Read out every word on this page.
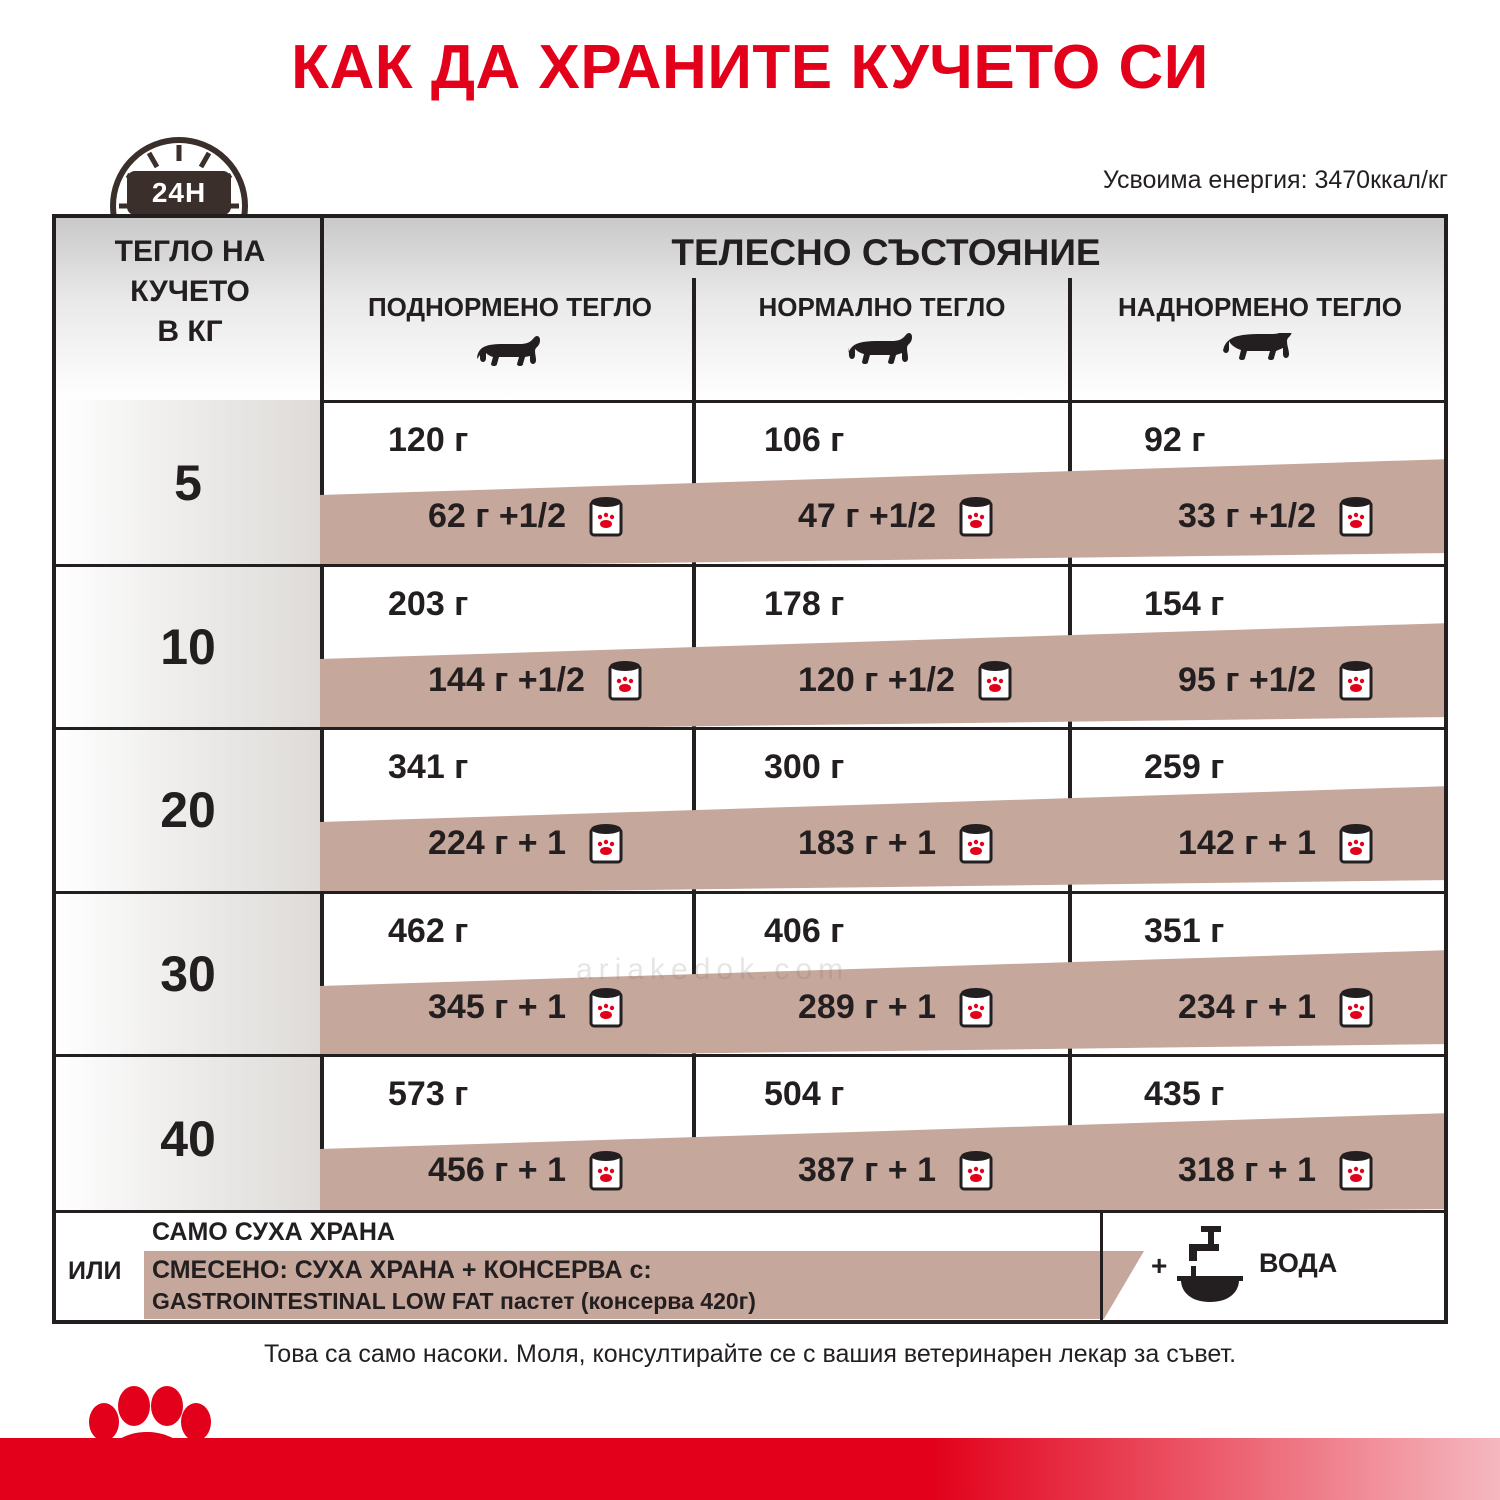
КАК ДА ХРАНИТЕ КУЧЕТО СИ
24H	Усвоима енергия: 3470ккал/кг
ТЕГЛО НА
КУЧЕТО
В КГ
ТЕЛЕСНО СЪСТОЯНИЕ
ПОДНОРМЕНО ТЕГЛО	НОРМАЛНО ТЕГЛО	НАДНОРМЕНО ТЕГЛО
5
120 г	106 г	92 г
62 г +1/2	47 г +1/2	33 г +1/2
10
203 г	178 г	154 г
144 г +1/2	120 г +1/2	95 г +1/2
20
341 г	300 г	259 г
224 г + 1	183 г + 1	142 г + 1
30
462 г	406 г	351 г
345 г + 1	289 г + 1	234 г + 1
40
573 г	504 г	435 г
456 г + 1	387 г + 1	318 г + 1
ИЛИ
САМО СУХА ХРАНА
СМЕСЕНО: СУХА ХРАНА + КОНСЕРВА с:
GASTROINTESTINAL LOW FAT пастет (консерва 420г)
+	ВОДА
ariakedok.com
Това са само насоки. Моля, консултирайте се с вашия ветеринарен лекар за съвет.
